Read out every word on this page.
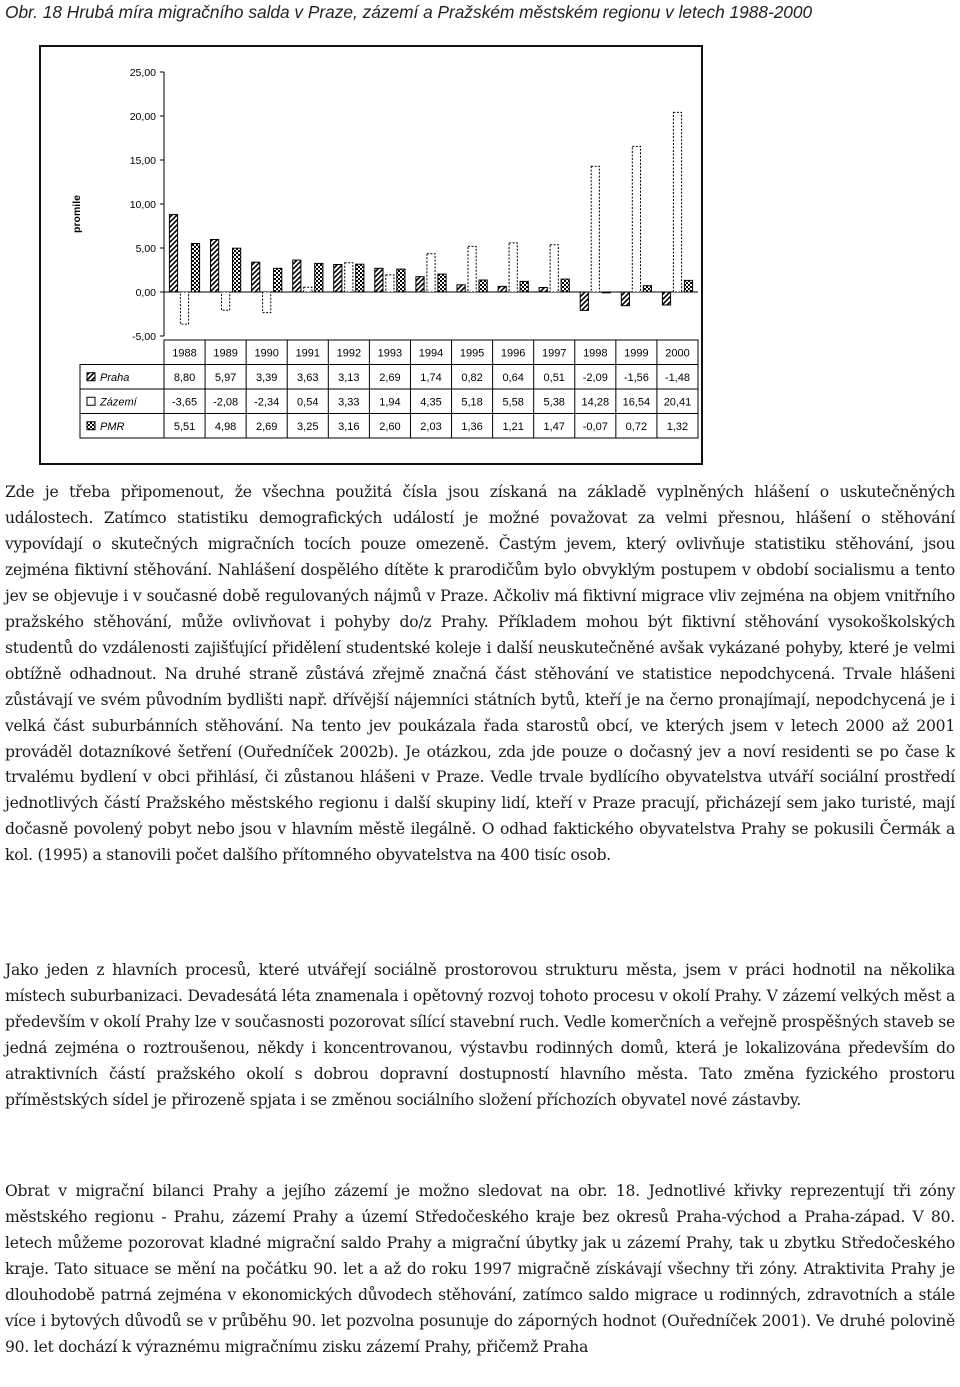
Obr. 18 Hrubá míra migračního salda v Praze, zázemí a Pražském městském regionu v letech 1988-2000
25,00
20,00
15,00
10,00
5,00
0,00
-5,00
promile
1988 1989 1990 1991 1992 1993 1994 1995 1996 1997 1998 1999 2000
Praha	8,80 5,97 3,39 3,63 3,13 2,69 1,74 0,82 0,64 0,51 -2,09 -1,56 -1,48
Zázemí	-3,65 -2,08 -2,34 0,54 3,33 1,94 4,35 5,18 5,58 5,38 14,28 16,54 20,41
PMR	5,51 4,98 2,69 3,25 3,16 2,60 2,03 1,36 1,21 1,47 -0,07 0,72 1,32

Zde je třeba připomenout, že všechna použitá čísla jsou získaná na základě vyplněných hlášení o uskutečněných událostech. Zatímco statistiku demografických událostí je možné považovat za velmi přesnou, hlášení o stěhování vypovídají o skutečných migračních tocích pouze omezeně. Častým jevem, který ovlivňuje statistiku stěhování, jsou zejména fiktivní stěhování. Nahlášení dospělého dítěte k prarodičům bylo obvyklým postupem v období socialismu a tento jev se objevuje i v současné době regulovaných nájmů v Praze. Ačkoliv má fiktivní migrace vliv zejména na objem vnitřního pražského stěhování, může ovlivňovat i pohyby do/z Prahy. Příkladem mohou být fiktivní stěhování vysokoškolských studentů do vzdálenosti zajišťující přidělení studentské koleje i další neuskutečněné avšak vykázané pohyby, které je velmi obtížně odhadnout. Na druhé straně zůstává zřejmě značná část stěhování ve statistice nepodchycená. Trvale hlášeni zůstávají ve svém původním bydlišti např. dřívější nájemníci státních bytů, kteří je na černo pronajímají, nepodchycená je i velká část suburbánních stěhování. Na tento jev poukázala řada starostů obcí, ve kterých jsem v letech 2000 až 2001 prováděl dotazníkové šetření (Ouředníček 2002b). Je otázkou, zda jde pouze o dočasný jev a noví residenti se po čase k trvalému bydlení v obci přihlásí, či zůstanou hlášeni v Praze. Vedle trvale bydlícího obyvatelstva utváří sociální prostředí jednotlivých částí Pražského městského regionu i další skupiny lidí, kteří v Praze pracují, přicházejí sem jako turisté, mají dočasně povolený pobyt nebo jsou v hlavním městě ilegálně. O odhad faktického obyvatelstva Prahy se pokusili Čermák a kol. (1995) a stanovili počet dalšího přítomného obyvatelstva na 400 tisíc osob.

Jako jeden z hlavních procesů, které utvářejí sociálně prostorovou strukturu města, jsem v práci hodnotil na několika místech suburbanizaci. Devadesátá léta znamenala i opětovný rozvoj tohoto procesu v okolí Prahy. V zázemí velkých měst a především v okolí Prahy lze v současnosti pozorovat sílící stavební ruch. Vedle komerčních a veřejně prospěšných staveb se jedná zejména o roztroušenou, někdy i koncentrovanou, výstavbu rodinných domů, která je lokalizována především do atraktivních částí pražského okolí s dobrou dopravní dostupností hlavního města. Tato změna fyzického prostoru příměstských sídel je přirozeně spjata i se změnou sociálního složení příchozích obyvatel nové zástavby.

Obrat v migrační bilanci Prahy a jejího zázemí je možno sledovat na obr. 18. Jednotlivé křivky reprezentují tři zóny městského regionu - Prahu, zázemí Prahy a území Středočeského kraje bez okresů Praha-východ a Praha-západ. V 80. letech můžeme pozorovat kladné migrační saldo Prahy a migrační úbytky jak u zázemí Prahy, tak u zbytku Středočeského kraje. Tato situace se mění na počátku 90. let a až do roku 1997 migračně získávají všechny tři zóny. Atraktivita Prahy je dlouhodobě patrná zejména v ekonomických důvodech stěhování, zatímco saldo migrace u rodinných, zdravotních a stále více i bytových důvodů se v průběhu 90. let pozvolna posunuje do záporných hodnot (Ouředníček 2001). Ve druhé polovině 90. let dochází k výraznému migračnímu zisku zázemí Prahy, přičemž Praha
